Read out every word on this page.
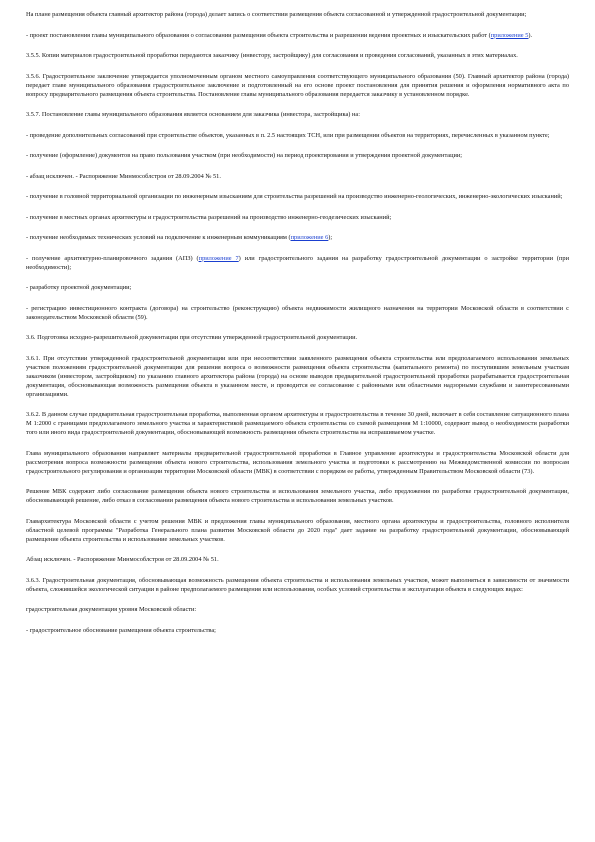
На плане размещения объекта главный архитектор района (города) делает запись о соответствии размещения объекта согласованной и утвержденной градостроительной документации;
- проект постановления главы муниципального образования о согласовании размещения объекта строительства и разрешении ведения проектных и изыскательских работ (приложение 5).
3.5.5. Копии материалов градостроительной проработки передаются заказчику (инвестору, застройщику) для согласования и проведения согласований, указанных в этих материалах.
3.5.6. Градостроительное заключение утверждается уполномоченным органом местного самоуправления соответствующего муниципального образования (50). Главный архитектор района (города) передает главе муниципального образования градостроительное заключение и подготовленный на его основе проект постановления для принятия решения и оформления нормативного акта по вопросу предварительного размещения объекта строительства. Постановление главы муниципального образования передается заказчику в установленном порядке.
3.5.7. Постановление главы муниципального образования является основанием для заказчика (инвестора, застройщика) на:
- проведение дополнительных согласований при строительстве объектов, указанных в п. 2.5 настоящих ТСН, или при размещении объектов на территориях, перечисленных в указанном пункте;
- получение (оформление) документов на право пользования участком (при необходимости) на период проектирования и утверждения проектной документации;
- абзац исключен. - Распоряжение Минмособлстроя от 28.09.2004 № 51.
- получение в головной территориальной организации по инженерным изысканиям для строительства разрешений на производство инженерно-геологических, инженерно-экологических изысканий;
- получение в местных органах архитектуры и градостроительства разрешений на производство инженерно-геодезических изысканий;
- получение необходимых технических условий на подключение к инженерным коммуникациям (приложение 6);
- получение архитектурно-планировочного задания (АПЗ) (приложение 7) или градостроительного задания на разработку градостроительной документации о застройке территории (при необходимости);
- разработку проектной документации;
- регистрацию инвестиционного контракта (договора) на строительство (реконструкцию) объекта недвижимости жилищного назначения на территории Московской области в соответствии с законодательством Московской области (59).
3.6. Подготовка исходно-разрешительной документации при отсутствии утвержденной градостроительной документации.
3.6.1. При отсутствии утвержденной градостроительной документации или при несоответствии заявленного размещения объекта строительства или предполагаемого использования земельных участков положениям градостроительной документации для решения вопроса о возможности размещения объекта строительства (капитального ремонта) по поступившим земельным участкам заказчиком (инвестором, застройщиком) по указанию главного архитектора района (города) на основе выводов предварительной градостроительной проработки разрабатывается градостроительная документация, обосновывающая возможность размещения объекта в указанном месте, и проводится ее согласование с районными или областными надзорными службами и заинтересованными организациями.
3.6.2. В данном случае предварительная градостроительная проработка, выполненная органом архитектуры и градостроительства в течение 30 дней, включает в себя составление ситуационного плана М 1:2000 с границами предполагаемого земельного участка и характеристикой размещаемого объекта строительства со схемой размещения М 1:10000, содержит вывод о необходимости разработки того или иного вида градостроительной документации, обосновывающей возможность размещения объекта строительства на испрашиваемом участке.
Глава муниципального образования направляет материалы предварительной градостроительной проработки в Главное управление архитектуры и градостроительства Московской области для рассмотрения вопроса возможности размещения объекта нового строительства, использования земельного участка и подготовки к рассмотрению на Межведомственной комиссии по вопросам градостроительного регулирования и организации территории Московской области (МВК) в соответствии с порядком ее работы, утвержденным Правительством Московской области (73).
Решение МВК содержит либо согласование размещения объекта нового строительства и использования земельного участка, либо предложения по разработке градостроительной документации, обосновывающей решение, либо отказ в согласовании размещения объекта нового строительства и использования земельных участков.
Главархитектура Московской области с учетом решения МВК и предложения главы муниципального образования, местного органа архитектуры и градостроительства, головного исполнителя областной целевой программы "Разработка Генерального плана развития Московской области до 2020 года" дает задание на разработку градостроительной документации, обосновывающей размещение объекта строительства и использование земельных участков.
Абзац исключен. - Распоряжение Минмособлстроя от 28.09.2004 № 51.
3.6.3. Градостроительная документация, обосновывающая возможность размещения объекта строительства и использования земельных участков, может выполняться в зависимости от значимости объекта, сложившейся экологической ситуации в районе предполагаемого размещения или использования, особых условий строительства и эксплуатации объекта в следующих видах:
градостроительная документация уровня Московской области:
- градостроительное обоснование размещения объекта строительства;
